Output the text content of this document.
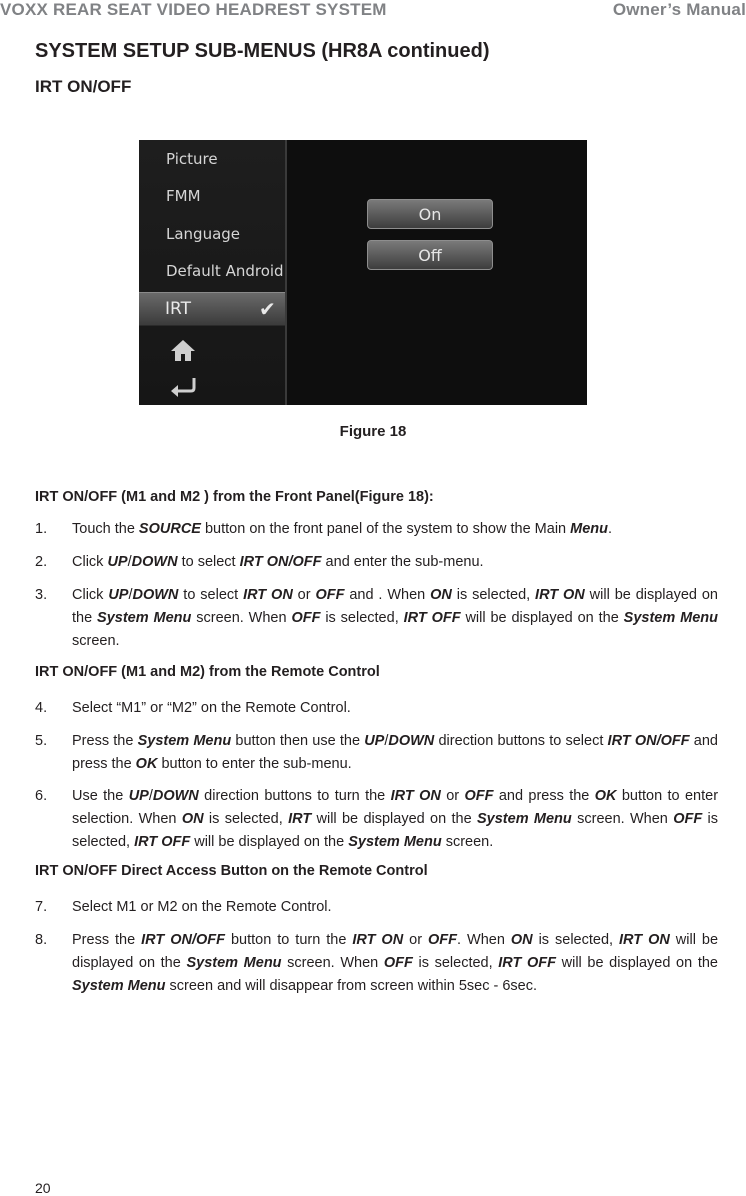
VOXX REAR SEAT VIDEO HEADREST SYSTEM	Owner’s Manual
SYSTEM SETUP SUB-MENUS (HR8A continued)
IRT ON/OFF
Picture
FMM
Language
Default Android
IRT	✔
On
Off
Figure 18
IRT ON/OFF (M1 and M2 ) from the Front Panel(Figure 18):
1. Touch the SOURCE button on the front panel of the system to show the Main Menu.
2. Click UP/DOWN to select IRT ON/OFF and enter the sub-menu.
3. Click UP/DOWN to select IRT ON or OFF and . When ON is selected, IRT ON will be displayed on the System Menu screen. When OFF is selected, IRT OFF will be displayed on the System Menu screen.
IRT ON/OFF (M1 and M2) from the Remote Control
4. Select “M1” or “M2” on the Remote Control.
5. Press the System Menu button then use the UP/DOWN direction buttons to select IRT ON/OFF and press the OK button to enter the sub-menu.
6. Use the UP/DOWN direction buttons to turn the IRT ON or OFF and press the OK button to enter selection. When ON is selected, IRT will be displayed on the System Menu screen. When OFF is selected, IRT OFF will be displayed on the System Menu screen.
IRT ON/OFF Direct Access Button on the Remote Control
7. Select M1 or M2 on the Remote Control.
8. Press the IRT ON/OFF button to turn the IRT ON or OFF. When ON is selected, IRT ON will be displayed on the System Menu screen. When OFF is selected, IRT OFF will be displayed on the System Menu screen and will disappear from screen within 5sec - 6sec.
20
